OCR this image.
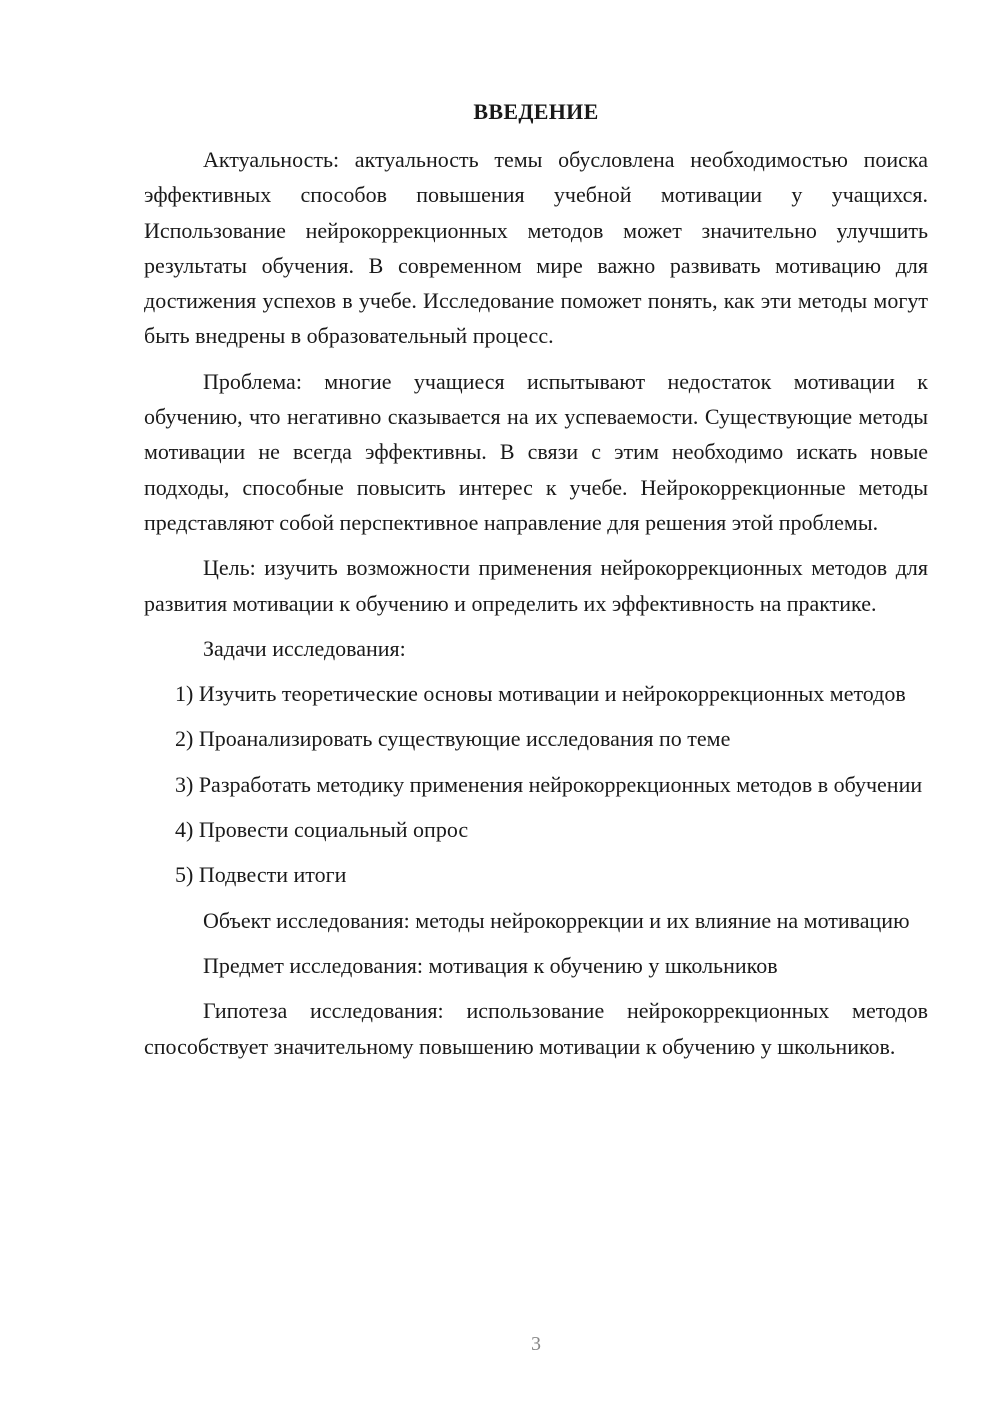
ВВЕДЕНИЕ

Актуальность: актуальность темы обусловлена необходимостью поиска эффективных способов повышения учебной мотивации у учащихся. Использование нейрокоррекционных методов может значительно улучшить результаты обучения. В современном мире важно развивать мотивацию для достижения успехов в учебе. Исследование поможет понять, как эти методы могут быть внедрены в образовательный процесс.

Проблема: многие учащиеся испытывают недостаток мотивации к обучению, что негативно сказывается на их успеваемости. Существующие методы мотивации не всегда эффективны. В связи с этим необходимо искать новые подходы, способные повысить интерес к учебе. Нейрокоррекционные методы представляют собой перспективное направление для решения этой проблемы.

Цель: изучить возможности применения нейрокоррекционных методов для развития мотивации к обучению и определить их эффективность на практике.

Задачи исследования:

1) Изучить теоретические основы мотивации и нейрокоррекционных методов

2) Проанализировать существующие исследования по теме

3) Разработать методику применения нейрокоррекционных методов в обучении

4) Провести социальный опрос

5) Подвести итоги

Объект исследования: методы нейрокоррекции и их влияние на мотивацию

Предмет исследования: мотивация к обучению у школьников

Гипотеза исследования: использование нейрокоррекционных методов способствует значительному повышению мотивации к обучению у школьников.

3
